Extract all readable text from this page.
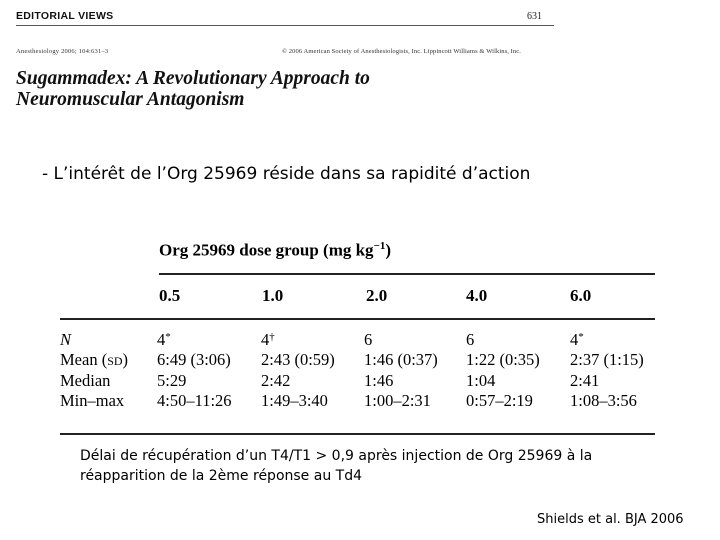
EDITORIAL VIEWS	631
Anesthesiology 2006; 104:631–3	© 2006 American Society of Anesthesiologists, Inc. Lippincott Williams & Wilkins, Inc.
Sugammadex: A Revolutionary Approach to
Neuromuscular Antagonism
- L’intérêt de l’Org 25969 réside dans sa rapidité d’action
Org 25969 dose group (mg $kg^{-1}$)
0.5	1.0	2.0	4.0	6.0
N	4*	4†	6	6	4*
Mean (SD)	6:49 (3:06)	2:43 (0:59)	1:46 (0:37)	1:22 (0:35)	2:37 (1:15)
Median	5:29	2:42	1:46	1:04	2:41
Min–max	4:50–11:26	1:49–3:40	1:00–2:31	0:57–2:19	1:08–3:56

Délai de récupération d’un T4/T1 > 0,9 après injection de Org 25969 à la réapparition de la 2ème réponse au Td4

Shields et al. BJA 2006
